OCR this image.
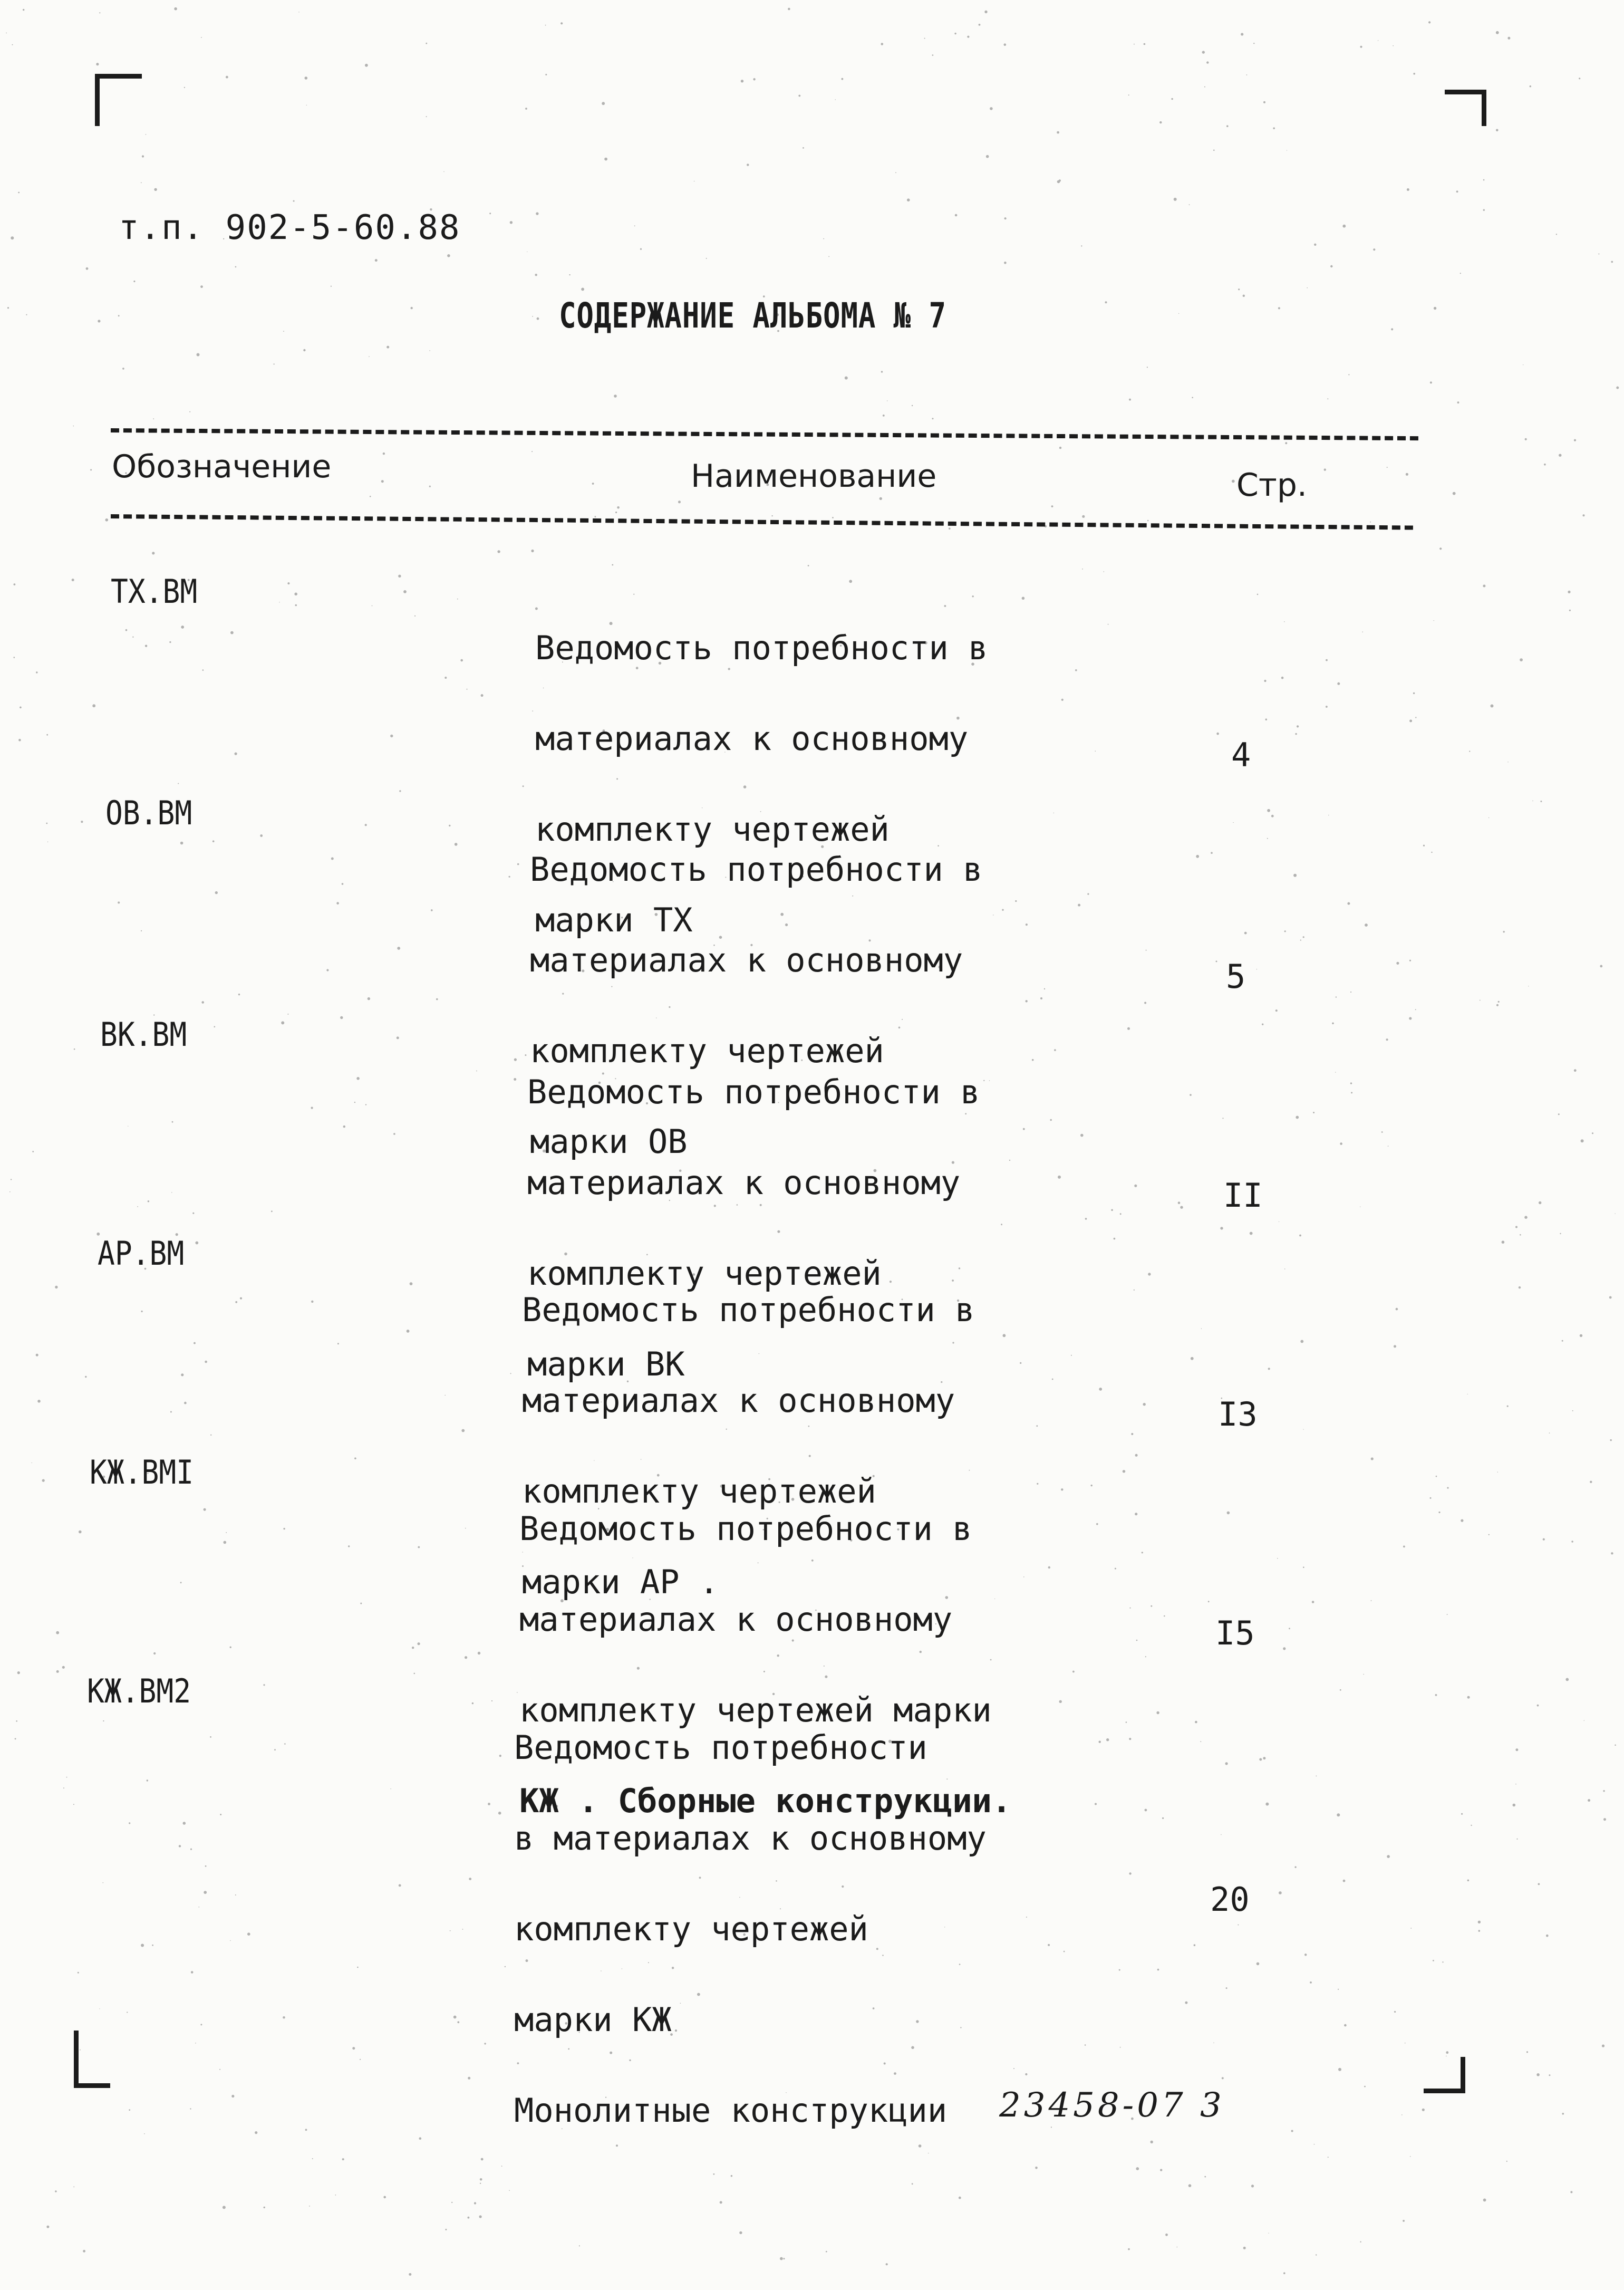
т.п. 902-5-60.88
СОДЕРЖАНИЕ АЛЬБОМА № 7
Обозначение	Наименование	Стр.
ТХ.ВМ

Ведомость потребности в

материалах к основному

комплекту чертежей

марки ТХ

4
ОВ.ВМ

Ведомость потребности в

материалах к основному

комплекту чертежей

марки ОВ

5
ВК.ВМ

Ведомость потребности в

материалах к основному

комплекту чертежей

марки ВК

II
АР.ВМ

Ведомость потребности в

материалах к основному

комплекту чертежей

марки АР .

I3
КЖ.ВМI

Ведомость потребности в

материалах к основному

комплекту чертежей марки

КЖ . Сборные конструкции.

I5
КЖ.ВМ2

Ведомость потребности

в материалах к основному

комплекту чертежей

марки КЖ

Монолитные конструкции

20
23458-07 3
